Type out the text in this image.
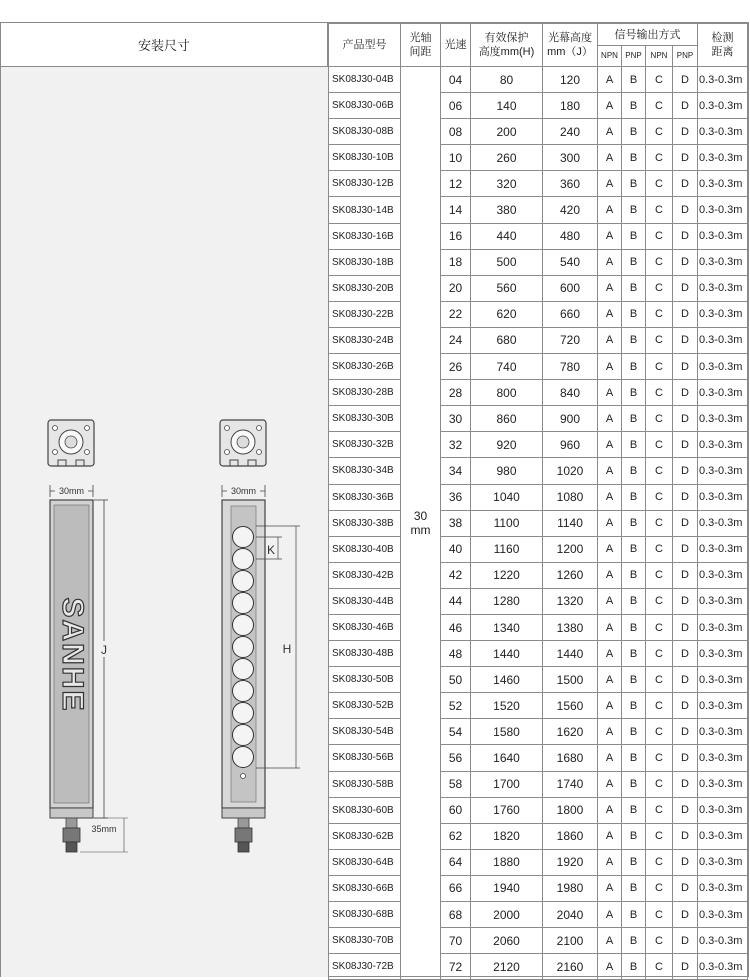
安装尺寸
30mm
SANHE J
35mm
30mm
K
H
产品型号	光轴
间距	光速	有效保护
高度mm(H)	光幕高度
mm（J）	信号输出方式				检测
距离
					NPN	PNP	NPN	PNP	
SK08J30-04B	30
mm	04	80	120	A	B	C	D	0.3-0.3m
SK08J30-06B		06	140	180	A	B	C	D	0.3-0.3m
SK08J30-08B		08	200	240	A	B	C	D	0.3-0.3m
SK08J30-10B		10	260	300	A	B	C	D	0.3-0.3m
SK08J30-12B		12	320	360	A	B	C	D	0.3-0.3m
SK08J30-14B		14	380	420	A	B	C	D	0.3-0.3m
SK08J30-16B		16	440	480	A	B	C	D	0.3-0.3m
SK08J30-18B		18	500	540	A	B	C	D	0.3-0.3m
SK08J30-20B		20	560	600	A	B	C	D	0.3-0.3m
SK08J30-22B		22	620	660	A	B	C	D	0.3-0.3m
SK08J30-24B		24	680	720	A	B	C	D	0.3-0.3m
SK08J30-26B		26	740	780	A	B	C	D	0.3-0.3m
SK08J30-28B		28	800	840	A	B	C	D	0.3-0.3m
SK08J30-30B		30	860	900	A	B	C	D	0.3-0.3m
SK08J30-32B		32	920	960	A	B	C	D	0.3-0.3m
SK08J30-34B		34	980	1020	A	B	C	D	0.3-0.3m
SK08J30-36B		36	1040	1080	A	B	C	D	0.3-0.3m
SK08J30-38B		38	1100	1140	A	B	C	D	0.3-0.3m
SK08J30-40B		40	1160	1200	A	B	C	D	0.3-0.3m
SK08J30-42B		42	1220	1260	A	B	C	D	0.3-0.3m
SK08J30-44B		44	1280	1320	A	B	C	D	0.3-0.3m
SK08J30-46B		46	1340	1380	A	B	C	D	0.3-0.3m
SK08J30-48B		48	1440	1440	A	B	C	D	0.3-0.3m
SK08J30-50B		50	1460	1500	A	B	C	D	0.3-0.3m
SK08J30-52B		52	1520	1560	A	B	C	D	0.3-0.3m
SK08J30-54B		54	1580	1620	A	B	C	D	0.3-0.3m
SK08J30-56B		56	1640	1680	A	B	C	D	0.3-0.3m
SK08J30-58B		58	1700	1740	A	B	C	D	0.3-0.3m
SK08J30-60B		60	1760	1800	A	B	C	D	0.3-0.3m
SK08J30-62B		62	1820	1860	A	B	C	D	0.3-0.3m
SK08J30-64B		64	1880	1920	A	B	C	D	0.3-0.3m
SK08J30-66B		66	1940	1980	A	B	C	D	0.3-0.3m
SK08J30-68B		68	2000	2040	A	B	C	D	0.3-0.3m
SK08J30-70B		70	2060	2100	A	B	C	D	0.3-0.3m
SK08J30-72B		72	2120	2160	A	B	C	D	0.3-0.3m
